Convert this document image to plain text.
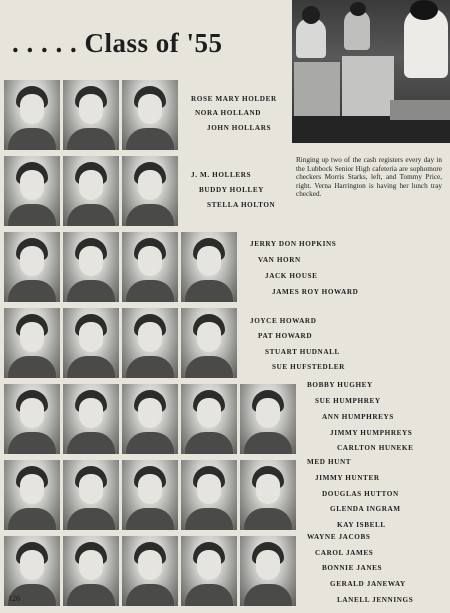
. . . . . Class of '55
Ringing up two of the cash registers every day in the Lubbock Senior High cafeteria are sophomore checkers Morris Starks, left, and Tommy Price, right. Verna Harrington is having her lunch tray checked.
ROSE MARY HOLDER
NORA HOLLAND
JOHN HOLLARS
J. M. HOLLERS
BUDDY HOLLEY
STELLA HOLTON
JERRY DON HOPKINS
VAN HORN
JACK HOUSE
JAMES ROY HOWARD
JOYCE HOWARD
PAT HOWARD
STUART HUDNALL
SUE HUFSTEDLER
BOBBY HUGHEY
SUE HUMPHREY
ANN HUMPHREYS
JIMMY HUMPHREYS
CARLTON HUNEKE
MED HUNT
JIMMY HUNTER
DOUGLAS HUTTON
GLENDA INGRAM
KAY ISBELL
WAYNE JACOBS
CAROL JAMES
BONNIE JANES
GERALD JANEWAY
LANELL JENNINGS
126
